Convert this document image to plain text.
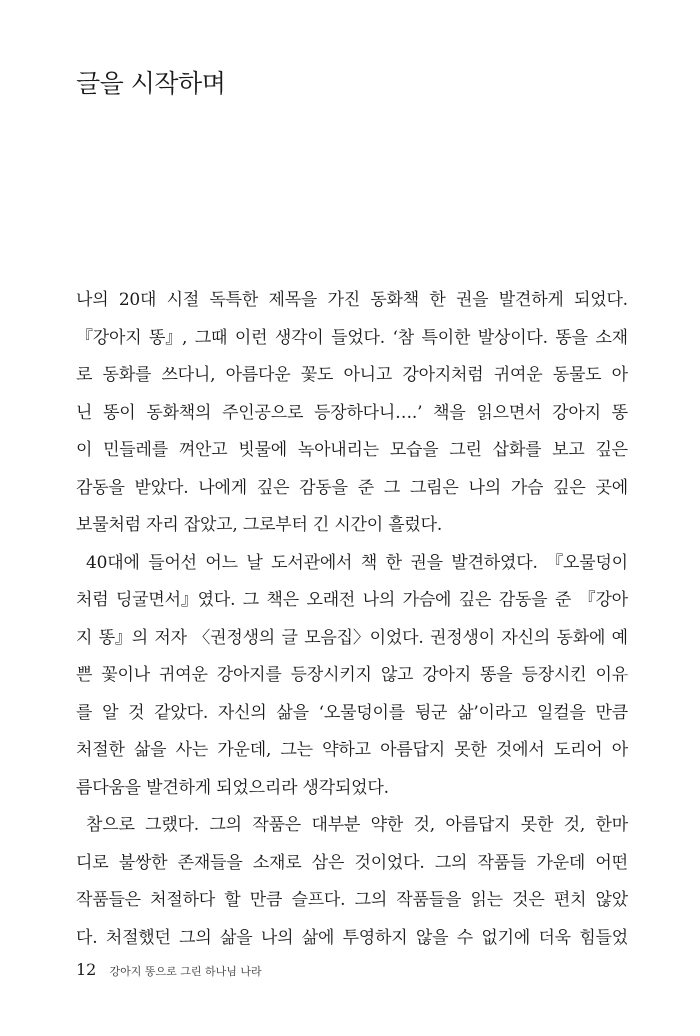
글을 시작하며
나의 20대 시절 독특한 제목을 가진 동화책 한 권을 발견하게 되었다.
『강아지 똥』, 그때 이런 생각이 들었다. ‘참 특이한 발상이다. 똥을 소재
로 동화를 쓰다니, 아름다운 꽃도 아니고 강아지처럼 귀여운 동물도 아
닌 똥이 동화책의 주인공으로 등장하다니….’ 책을 읽으면서 강아지 똥
이 민들레를 껴안고 빗물에 녹아내리는 모습을 그린 삽화를 보고 깊은
감동을 받았다. 나에게 깊은 감동을 준 그 그림은 나의 가슴 깊은 곳에
보물처럼 자리 잡았고, 그로부터 긴 시간이 흘렀다.
40대에 들어선 어느 날 도서관에서 책 한 권을 발견하였다. 『오물덩이
처럼 딩굴면서』였다. 그 책은 오래전 나의 가슴에 깊은 감동을 준 『강아
지 똥』의 저자 〈권정생의 글 모음집〉이었다. 권정생이 자신의 동화에 예
쁜 꽃이나 귀여운 강아지를 등장시키지 않고 강아지 똥을 등장시킨 이유
를 알 것 같았다. 자신의 삶을 ‘오물덩이를 뒹군 삶’이라고 일컬을 만큼
처절한 삶을 사는 가운데, 그는 약하고 아름답지 못한 것에서 도리어 아
름다움을 발견하게 되었으리라 생각되었다.
참으로 그랬다. 그의 작품은 대부분 약한 것, 아름답지 못한 것, 한마
디로 불쌍한 존재들을 소재로 삼은 것이었다. 그의 작품들 가운데 어떤
작품들은 처절하다 할 만큼 슬프다. 그의 작품들을 읽는 것은 편치 않았
다. 처절했던 그의 삶을 나의 삶에 투영하지 않을 수 없기에 더욱 힘들었
12 강아지 똥으로 그린 하나님 나라
